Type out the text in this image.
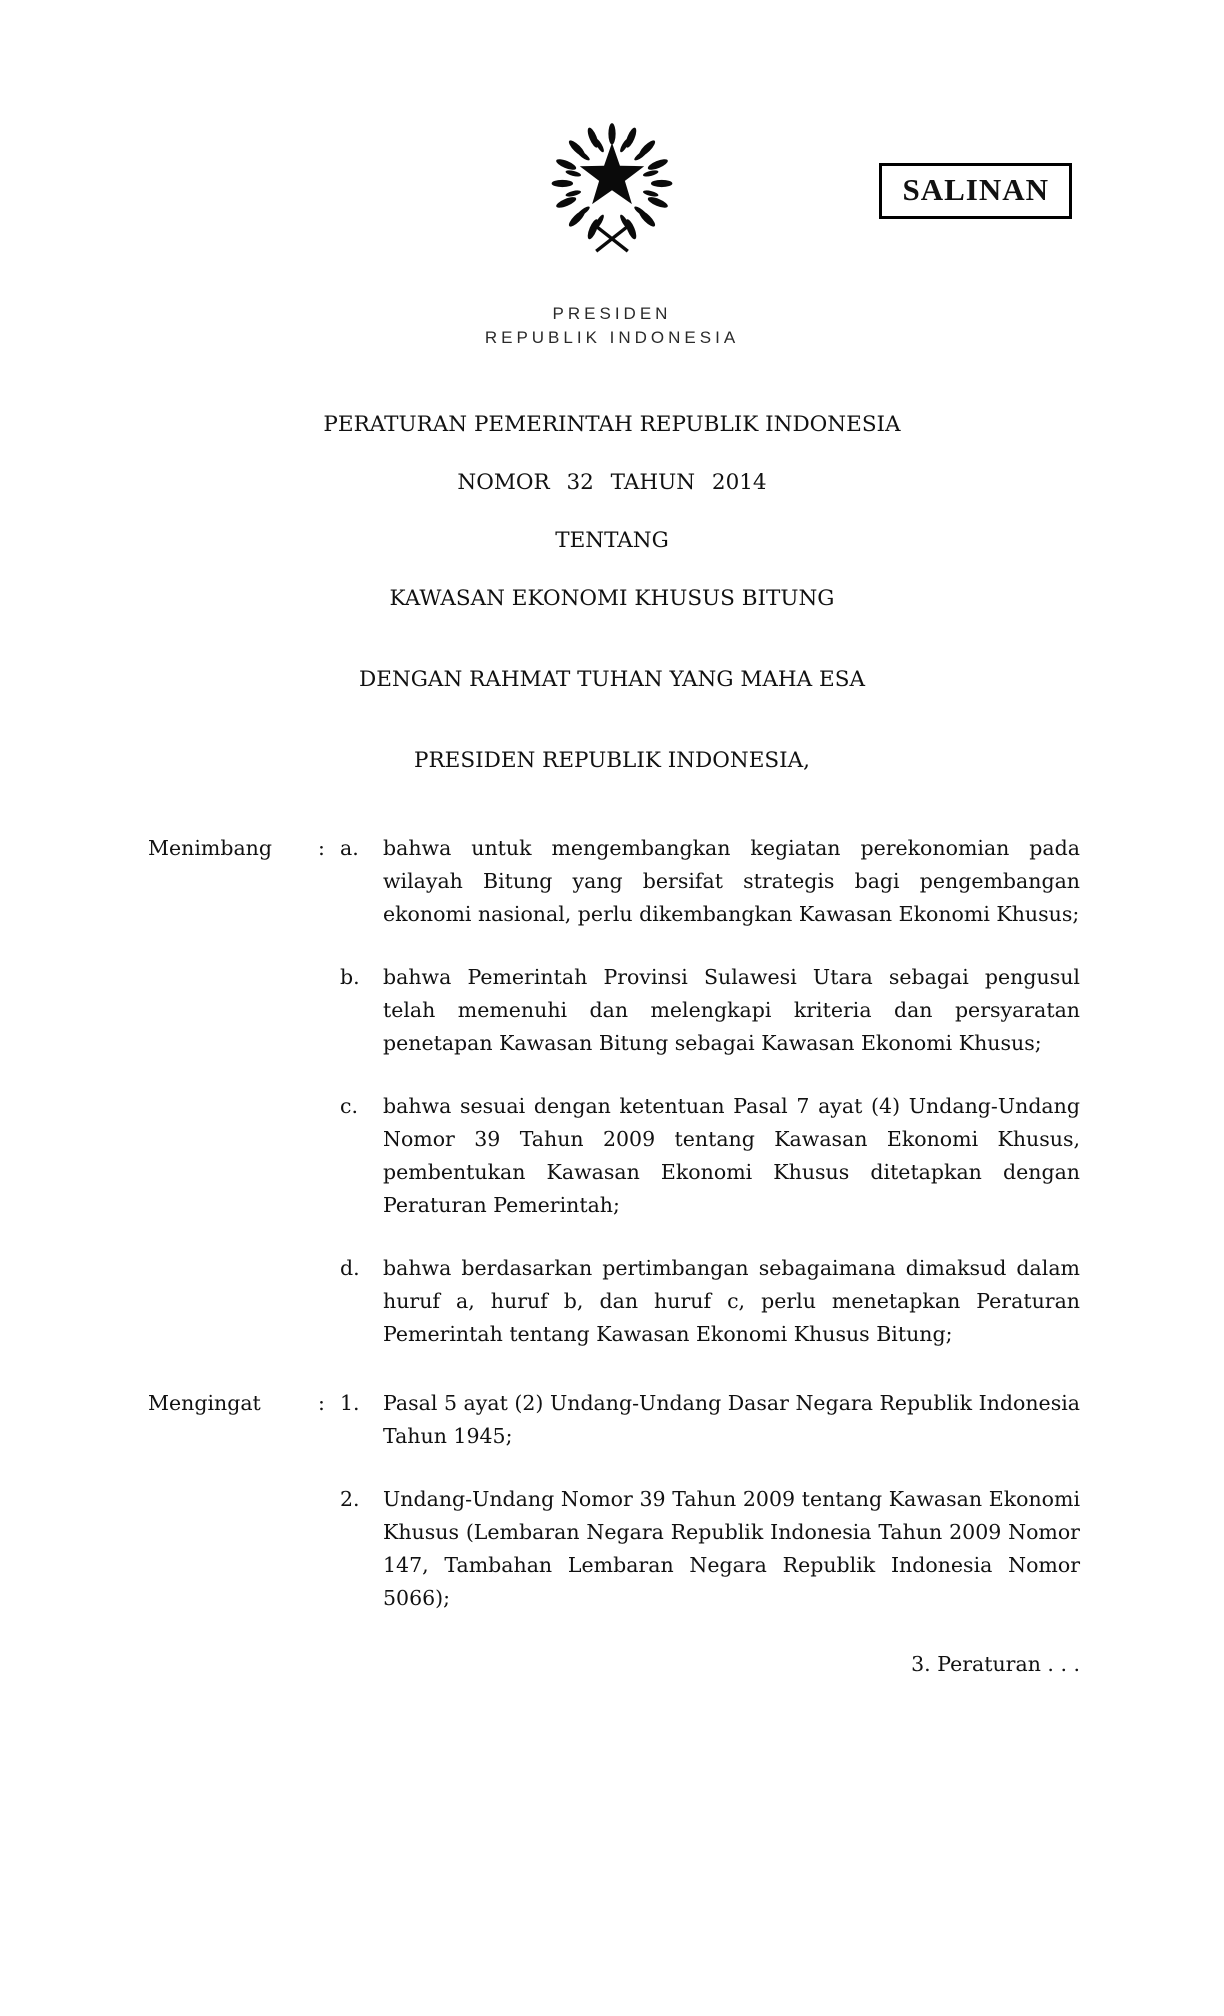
SALINAN
PRESIDEN
REPUBLIK INDONESIA
PERATURAN PEMERINTAH REPUBLIK INDONESIA
NOMOR 32 TAHUN 2014
TENTANG
KAWASAN EKONOMI KHUSUS BITUNG
DENGAN RAHMAT TUHAN YANG MAHA ESA
PRESIDEN REPUBLIK INDONESIA,
Menimbang	: a.	bahwa untuk mengembangkan kegiatan perekonomian pada wilayah Bitung yang bersifat strategis bagi pengembangan ekonomi nasional, perlu dikembangkan Kawasan Ekonomi Khusus;
b.	bahwa Pemerintah Provinsi Sulawesi Utara sebagai pengusul telah memenuhi dan melengkapi kriteria dan persyaratan penetapan Kawasan Bitung sebagai Kawasan Ekonomi Khusus;
c.	bahwa sesuai dengan ketentuan Pasal 7 ayat (4) Undang-Undang Nomor 39 Tahun 2009 tentang Kawasan Ekonomi Khusus, pembentukan Kawasan Ekonomi Khusus ditetapkan dengan Peraturan Pemerintah;
d.	bahwa berdasarkan pertimbangan sebagaimana dimaksud dalam huruf a, huruf b, dan huruf c, perlu menetapkan Peraturan Pemerintah tentang Kawasan Ekonomi Khusus Bitung;
Mengingat	: 1.	Pasal 5 ayat (2) Undang-Undang Dasar Negara Republik Indonesia Tahun 1945;
2.	Undang-Undang Nomor 39 Tahun 2009 tentang Kawasan Ekonomi Khusus (Lembaran Negara Republik Indonesia Tahun 2009 Nomor 147, Tambahan Lembaran Negara Republik Indonesia Nomor 5066);
3. Peraturan . . .
